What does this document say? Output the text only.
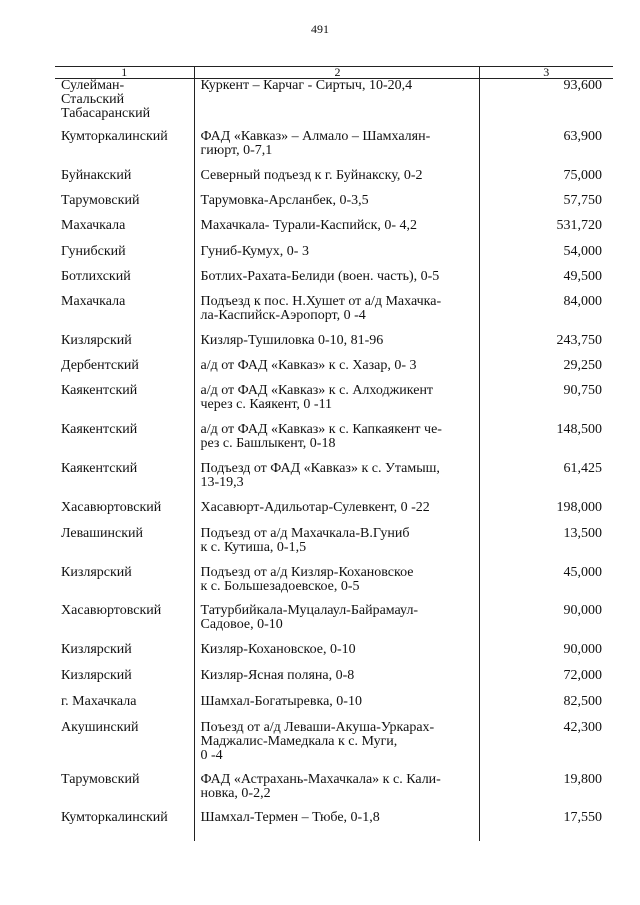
491
1	2	3

Сулейман-
Стальский
Табасаранский	Куркент – Карчаг - Сиртыч, 10-20,4	93,600

Кумторкалинский	ФАД «Кавказ» – Алмало – Шамхалян-
гиюрт, 0-7,1	63,900

Буйнакский	Северный подъезд к г. Буйнакску, 0-2	75,000

Тарумовский	Тарумовка-Арсланбек, 0-3,5	57,750

Махачкала	Махачкала- Турали-Каспийск, 0- 4,2	531,720

Гунибский	Гуниб-Кумух, 0- 3	54,000

Ботлихский	Ботлих-Рахата-Белиди (воен. часть), 0-5	49,500

Махачкала	Подъезд к пос. Н.Хушет от а/д Махачка-
ла-Каспийск-Аэропорт, 0 -4	84,000

Кизлярский	Кизляр-Тушиловка 0-10, 81-96	243,750

Дербентский	а/д от ФАД «Кавказ» к с. Хазар, 0- 3	29,250

Каякентский	а/д от ФАД «Кавказ» к с. Алходжикент
через с. Каякент, 0 -11	90,750

Каякентский	а/д от ФАД «Кавказ» к с. Капкаякент че-
рез с. Башлыкент, 0-18	148,500

Каякентский	Подъезд от ФАД «Кавказ» к с. Утамыш,
13-19,3	61,425

Хасавюртовский	Хасавюрт-Адильотар-Сулевкент, 0 -22	198,000

Левашинский	Подъезд от а/д Махачкала-В.Гуниб
к с. Кутиша, 0-1,5	13,500

Кизлярский	Подъезд от а/д Кизляр-Кохановское
к с. Большезадоевское, 0-5	45,000

Хасавюртовский	Татурбийкала-Муцалаул-Байрамаул-
Садовое, 0-10	90,000

Кизлярский	Кизляр-Кохановское, 0-10	90,000

Кизлярский	Кизляр-Ясная поляна, 0-8	72,000

г. Махачкала	Шамхал-Богатыревка, 0-10	82,500

Акушинский	Поъезд от а/д Леваши-Акуша-Уркарах-
Маджалис-Мамедкала к с. Муги,
0 -4	42,300

Тарумовский	ФАД «Астрахань-Махачкала» к с. Кали-
новка, 0-2,2	19,800

Кумторкалинский	Шамхал-Термен – Тюбе, 0-1,8	17,550
